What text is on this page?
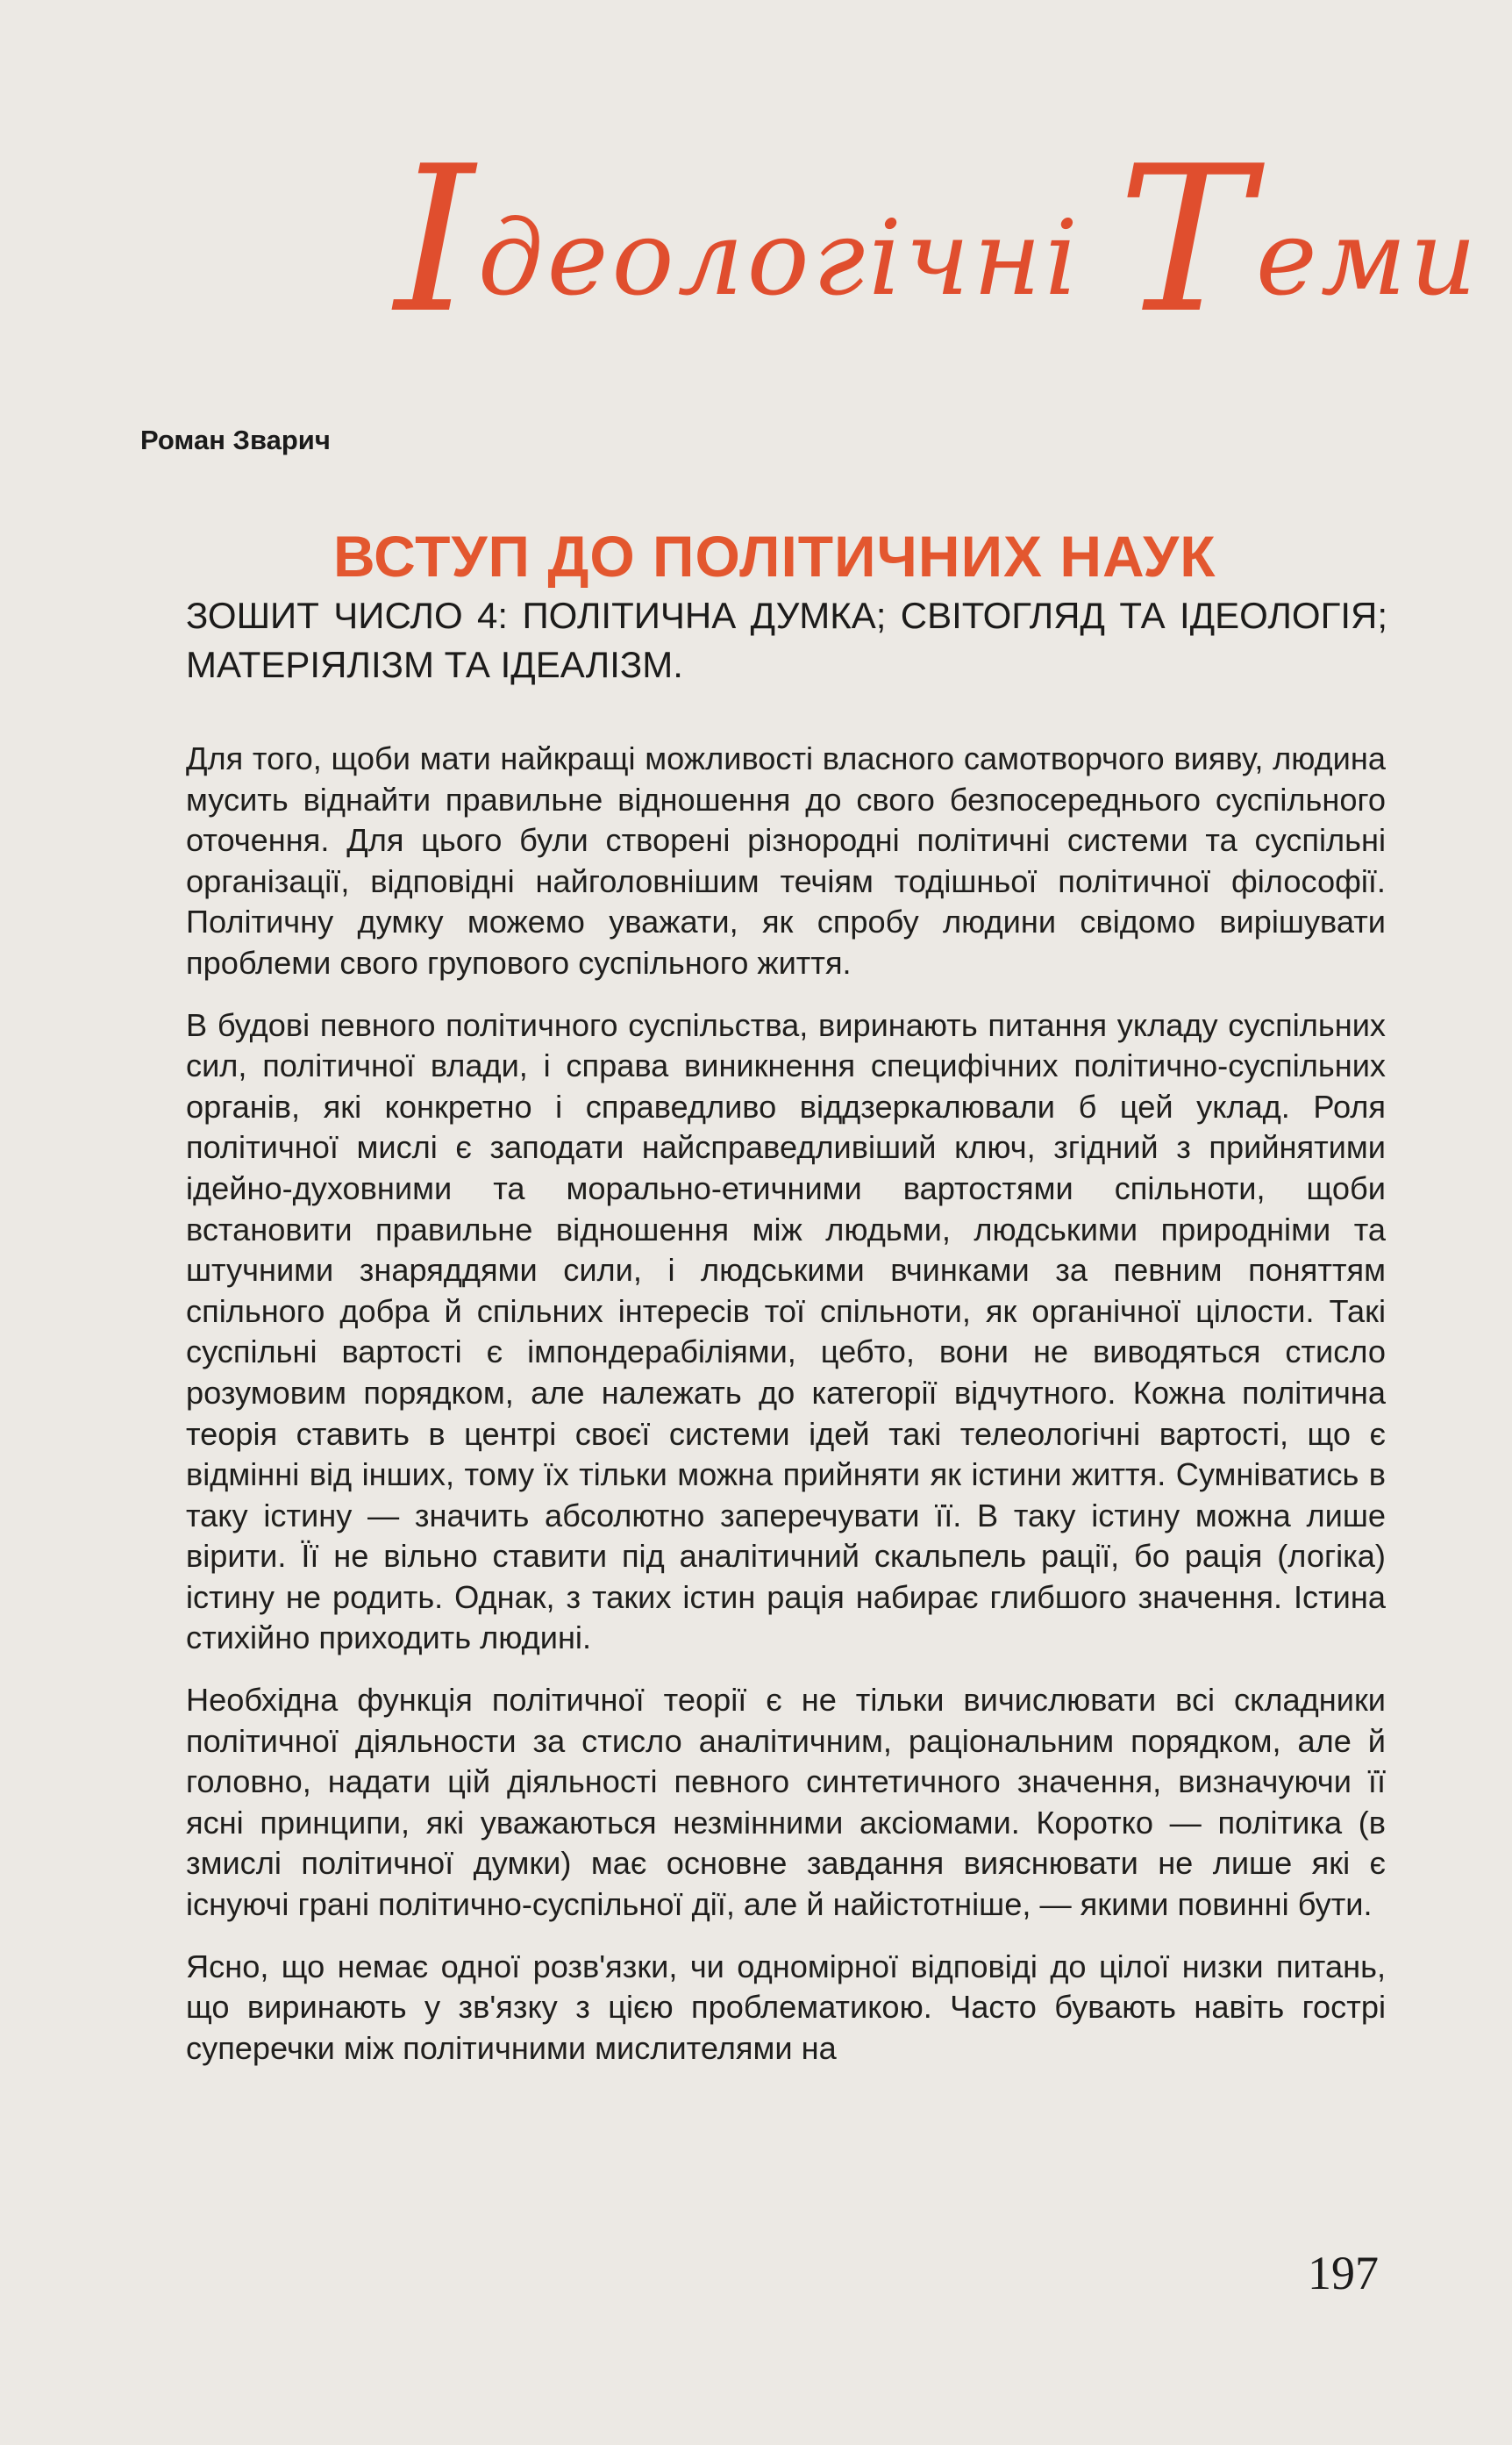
Ідеологічні Теми
Роман Зварич
ВСТУП ДО ПОЛІТИЧНИХ НАУК
ЗОШИТ ЧИСЛО 4: ПОЛІТИЧНА ДУМКА; СВІТОГЛЯД ТА ІДЕОЛОГІЯ; МАТЕРІЯЛІЗМ ТА ІДЕАЛІЗМ.

Для того, щоби мати найкращі можливості власного самотворчого вияву, людина мусить віднайти правильне відношення до свого безпосереднього суспільного оточення. Для цього були створені різнородні політичні системи та суспільні організації, відповідні найголовнішим течіям тодішньої політичної філософії. Політичну думку можемо уважати, як спробу людини свідомо вирішувати проблеми свого групового суспільного життя.

В будові певного політичного суспільства, виринають питання укладу суспільних сил, політичної влади, і справа виникнення специфічних політично-суспільних органів, які конкретно і справедливо віддзеркалювали б цей уклад. Роля політичної мислі є заподати найсправедливіший ключ, згідний з прийнятими ідейно-духовними та морально-етичними вартостями спільноти, щоби встановити правильне відношення між людьми, людськими природніми та штучними знаряддями сили, і людськими вчинками за певним поняттям спільного добра й спільних інтересів тої спільноти, як органічної цілости. Такі суспільні вартості є імпондерабіліями, цебто, вони не виводяться стисло розумовим порядком, але належать до категорії відчутного. Кожна політична теорія ставить в центрі своєї системи ідей такі телеологічні вартості, що є відмінні від інших, тому їх тільки можна прийняти як істини життя. Сумніватись в таку істину — значить абсолютно заперечувати її. В таку істину можна лише вірити. Її не вільно ставити під аналітичний скальпель рації, бо рація (логіка) істину не родить. Однак, з таких істин рація набирає глибшого значення. Істина стихійно приходить людині.

Необхідна функція політичної теорії є не тільки вичислювати всі складники політичної діяльности за стисло аналітичним, раціональним порядком, але й головно, надати цій діяльності певного синтетичного значення, визначуючи її ясні принципи, які уважаються незмінними аксіомами. Коротко — політика (в змислі політичної думки) має основне завдання вияснювати не лише які є існуючі грані політично-суспільної дії, але й найістотніше, — якими повинні бути.

Ясно, що немає одної розв'язки, чи одномірної відповіді до цілої низки питань, що виринають у зв'язку з цією проблематикою. Часто бувають навіть гострі суперечки між політичними мислителями на

197
